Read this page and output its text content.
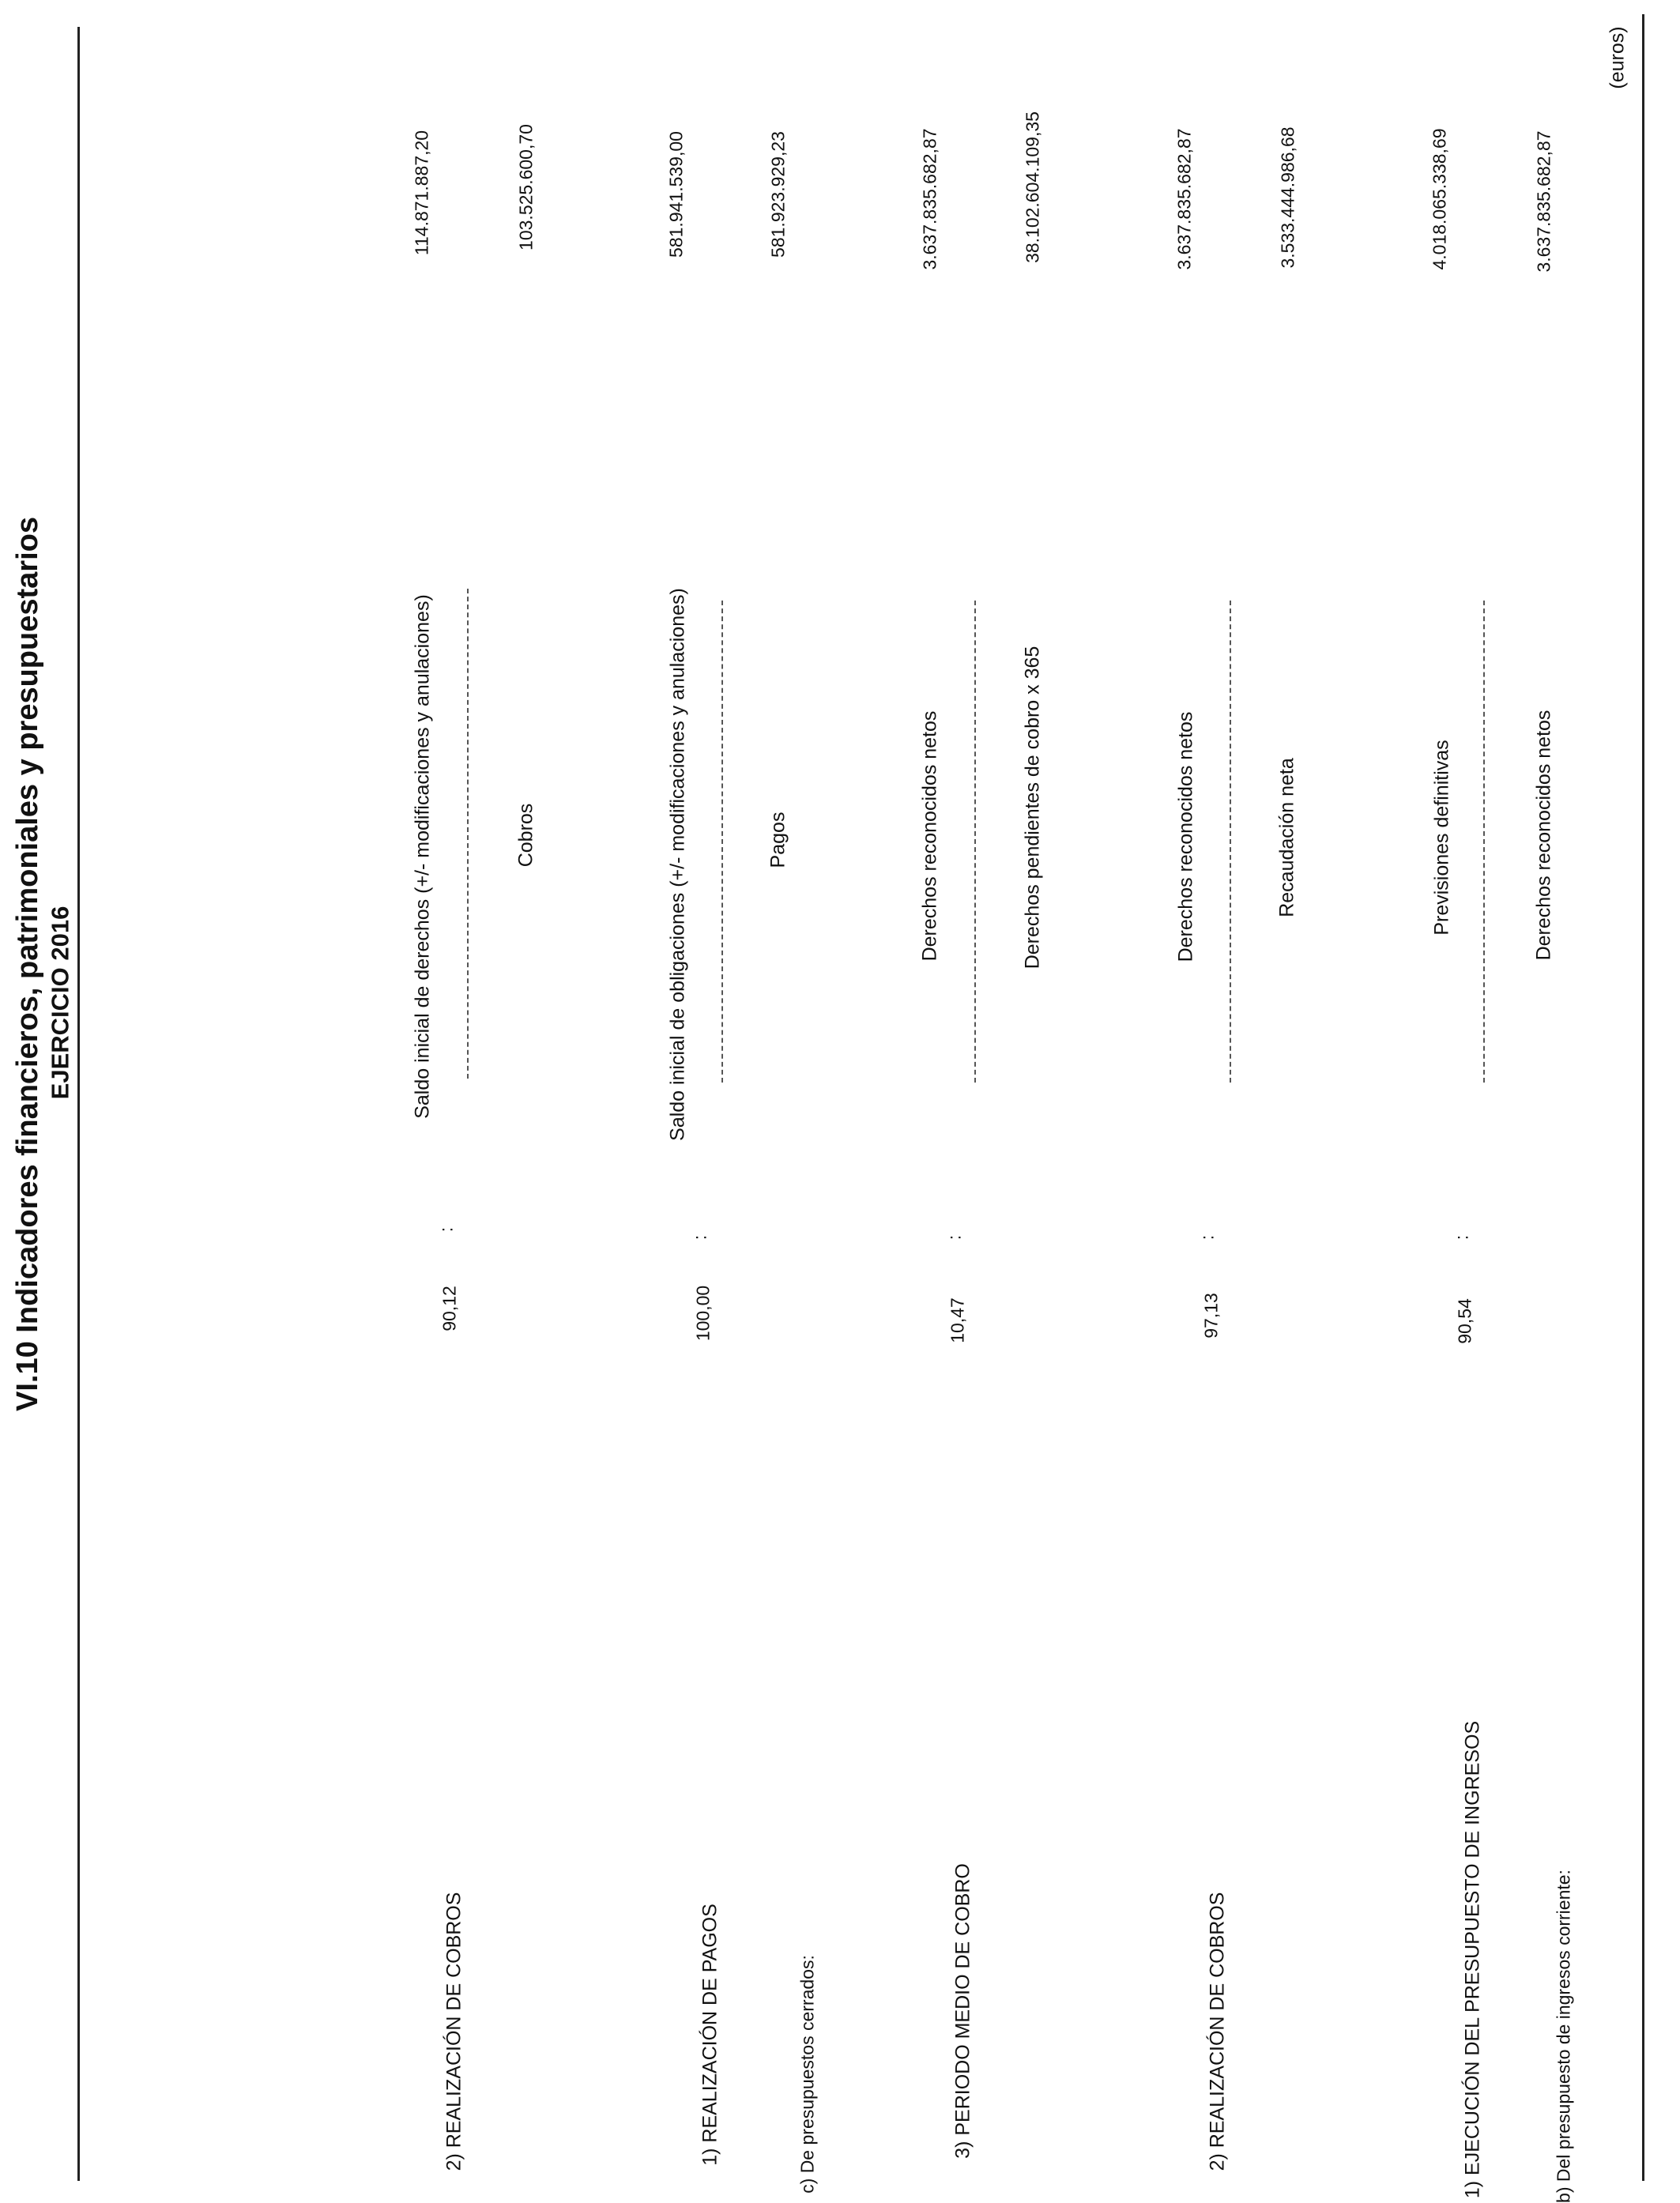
VI.10 Indicadores financieros, patrimoniales y presupuestarios EJERCICIO 2016
(euros)
b) Del presupuesto de ingresos corriente:
1) EJECUCIÓN DEL PRESUPUESTO DE INGRESOS
90,54
:
Derechos reconocidos netos
Previsiones definitivas
3.637.835.682,87
4.018.065.338,69
2) REALIZACIÓN DE COBROS
97,13
:
Recaudación neta
Derechos reconocidos netos
3.533.444.986,68
3.637.835.682,87
3) PERIODO MEDIO DE COBRO
10,47
:
Derechos pendientes de cobro x 365
Derechos reconocidos netos
38.102.604.109,35
3.637.835.682,87
c) De presupuestos cerrados:
1) REALIZACIÓN DE PAGOS
100,00
:
Pagos
Saldo inicial de obligaciones (+/- modificaciones y anulaciones)
581.923.929,23
581.941.539,00
2) REALIZACIÓN DE COBROS
90,12
:
Cobros
Saldo inicial de derechos (+/- modificaciones y anulaciones)
103.525.600,70
114.871.887,20
